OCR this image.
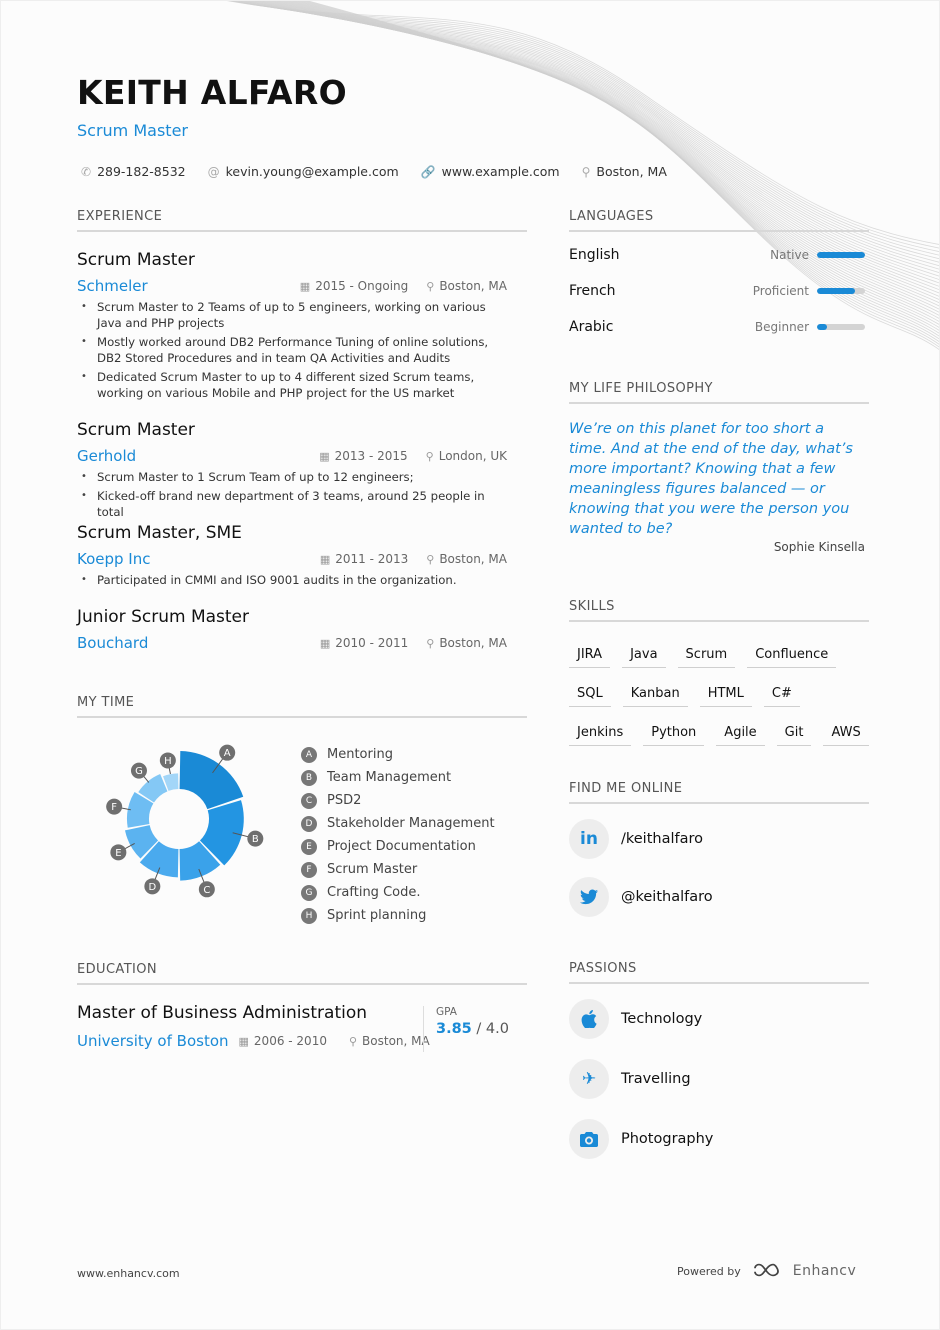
KEITH ALFARO
Scrum Master
✆ 289-182-8532 @ kevin.young@example.com 🔗 www.example.com ⚲ Boston, MA
EXPERIENCE
Scrum Master
Schmeler	▦ 2015 - Ongoing ⚲ Boston, MA
• Scrum Master to 2 Teams of up to 5 engineers, working on various Java and PHP projects
• Mostly worked around DB2 Performance Tuning of online solutions, DB2 Stored Procedures and in team QA Activities and Audits
• Dedicated Scrum Master to up to 4 different sized Scrum teams, working on various Mobile and PHP project for the US market
Scrum Master
Gerhold	▦ 2013 - 2015 ⚲ London, UK
• Scrum Master to 1 Scrum Team of up to 12 engineers;
• Kicked-off brand new department of 3 teams, around 25 people in total
Scrum Master, SME
Koepp Inc	▦ 2011 - 2013 ⚲ Boston, MA
• Participated in CMMI and ISO 9001 audits in the organization.
Junior Scrum Master
Bouchard	▦ 2010 - 2011 ⚲ Boston, MA
MY TIME
A
B
C
D
E
F
G
H
A	Mentoring
B	Team Management
C	PSD2
D	Stakeholder Management
E	Project Documentation
F	Scrum Master
G	Crafting Code.
H	Sprint planning
EDUCATION
Master of Business Administration
University of Boston ▦ 2006 - 2010 ⚲ Boston, MA
GPA
3.85 / 4.0
LANGUAGES
English	Native
French	Proficient
Arabic	Beginner
MY LIFE PHILOSOPHY
We’re on this planet for too short a time. And at the end of the day, what’s more important? Knowing that a few meaningless figures balanced — or knowing that you were the person you wanted to be?
Sophie Kinsella
SKILLS
JIRA	Java	Scrum	Confluence
SQL	Kanban	HTML	C#
Jenkins	Python	Agile	Git	AWS
FIND ME ONLINE
in	/keithalfaro
@keithalfaro
PASSIONS
Technology
✈	Travelling
Photography
www.enhancv.com	Powered by	Enhancv
